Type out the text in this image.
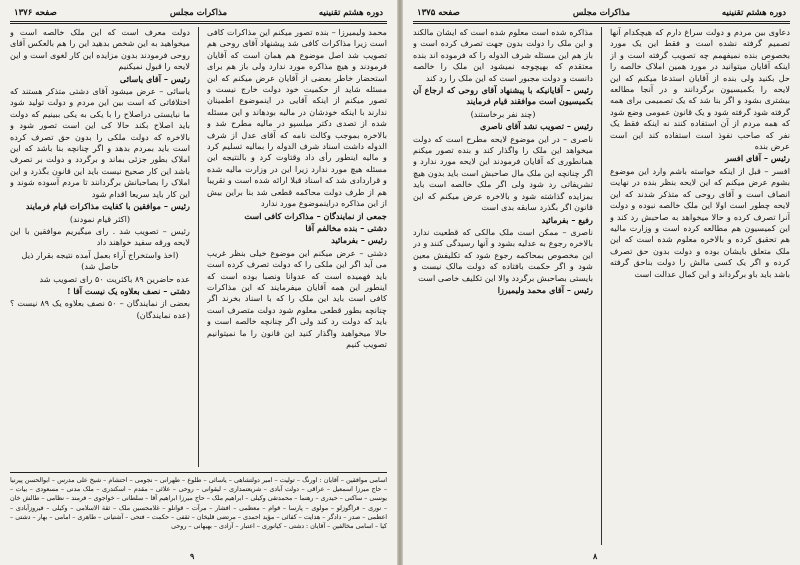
دوره هشتم تقنینیه
مذاکرات مجلس
صفحه ۱۳۷۶

محمد ولیمیرزا – بنده تصور میکنم این مذاکرات کافی است زیرا مذاکرات کافی شد پیشنهاد آقای روحی هم تصویب شد اصل موضوع هم همان است که آقایان فرمودند و هیچ مذاکره مورد ندارد ولی باز هم برای استحضار خاطر بعضی از آقایان عرض میکنم که این مسئله شاید از حکمیت خود دولت خارج نیست و تصور میکنم از اینکه آقایی در اینموضوع اطمینان ندارند با اینکه خودشان در مالیه بودهاند و این مسئله شده از تصدی دکتر میلسپو در مالیه مطرح شد و بالاخره بموجب وکالت نامه که آقای عدل از شرف الدوله داشت اسناد شرف الدوله را بمالیه تسلیم کرد و مالیه اینطور رأی داد وقتاوت کرد و بالنتیجه این مسئله هیچ مورد ندارد زیرا این در وزارت مالیه شده و قراردادی شد که اسناد قبلا ارائه شده است و تقریبا هم از طرف دولت محاکمه قطعی شد بنا براین بیش از این مذاکره دراینموضوع مورد ندارد

جمعی از نمایندگان – مذاکرات کافی است

دشتی – بنده مخالفم آقا

رئیس – بفرمائید

دشتی – عرض میکنم این موضوع خیلی بنظر غریب می آید اگر این ملکی را که دولت تصرف کرده است باید فهمیده است که عدوانا ونصبا بوده است که اینطور این همه آقایان میفرمایند که این مذاکرات کافی است باید این ملک را که با اسناد بخرند اگر چنانچه بطور قطعی معلوم شود دولت متصرف است باید که دولت رد کند ولی اگر چنانچه خالصه است و حالا میخواهید واگذار کنید این قانون را ما نمیتوانیم تصویب کنیم

دولت معرف است که این ملک خالصه است و میخواهید به این شخص بدهید این را هم بالعکس آقای روحی فرمودند بدون مزایده این کار لغوی است و این لایحه را قبول نمیکنیم

رئیس – آقای یاسائی

یاسائی – عرض میشود آقای دشتی متذکر هستند که اختلافاتی که است بین این مردم و دولت تولید شود ما نبایستی دراصلاح را با یکی به یکی ببینیم که دولت باید اصلاح بکند حالا کی این است تصور شود و بالاخره که دولت ملکی را بدون حق تصرف کرده است باید بمردم بدهد و اگر چنانچه بنا باشد که این املاک بطور جزئی بماند و برگردد و دولت بر تصرف باشد این کار صحیح نیست باید این قانون بگذرد و این املاک را بصاحبانش برگردانند تا مردم آسوده شوند و این کار باید سریعا اقدام شود

رئیس – موافقین با کفایت مذاکرات قیام فرمایند

(اکثر قیام نمودند)

رئیس – تصویب شد . رای میگیریم موافقین با این لایحه ورقه سفید خواهند داد

(اخذ واستخراج آراء بعمل آمده نتیجه بقرار ذیل حاصل شد)

عده حاضرین ۸۹ باکثریت ۵۰ رای تصویب شد

دشتی – نصف بعلاوه یک نیست آقا !

بعضی از نمایندگان – ۵۰ نصف بعلاوه یک ۸۹ نیست ؟ (عده نمایندگان)

اسامی موافقین – آقایان : اورنگ – تولیت – امیر دولتشاهی – یاسائی – طلوع – طهرانی – نجومی – احتشام – شیخ علی مدرس – ابوالحسن پیرنیا – حاج میرزا اسمعیل – عراقی – دولت آبادی – شریعتمداری – لیقوانی – روحی – علائی – مقدم – اسکندری – ملک مدنی – مسعودی – بیات – یونسی – ساکنی – حیدری – رهنما – محمدتقی وکیلی – ابراهیم ملک – حاج میرزا ابراهیم آقا – سلطانی – خواجوی – فرمند – نظامی – طالش خان – نوری – قراگوزلو – مولوی – پارسا – قوام – معظمی – افشار – مرآت – قوانلو – غلامحسین ملک – ثقة الاسلامی – وکیلی – فیروزآبادی – اعظمی – صدر – دادگر – هدایت – کفائی – مؤید احمدی – مرتضی قلیخان – ثقفی – حکمت – فتحی – آشتیانی – طاهری – امامی – بهار – دشتی – کیا – اسامی مخالفین – آقایان : دشتی – کیانوری – اعتبار – آزادی – بهبهانی – روحی
۹
دوره هشتم تقنینیه
مذاکرات مجلس
صفحه ۱۳۷۵

دعاوی بین مردم و دولت سراغ دارم که هیچکدام آنها تصمیم گرفته نشده است و فقط این یک مورد بخصوص بنده نمیفهمم چه تصویب گرفته است و از اینکه آقایان میتوانید در مورد همین املاک خالصه را حل بکنید ولی بنده از آقایان استدعا میکنم که این لایحه را بکمیسیون برگردانند و در آنجا مطالعه بیشتری بشود و اگر بنا شد که یک تصمیمی برای همه گرفته شود گرفته شود و یک قانون عمومی وضع شود که همه مردم از آن استفاده کنند نه اینکه فقط یک نفر که صاحب نفوذ است استفاده کند این است عرض بنده

رئیس – آقای افسر

افسر – قبل از اینکه خواسته باشم وارد این موضوع بشوم عرض میکنم که این لایحه بنظر بنده در نهایت انصاف است و آقای روحی که متذکر شدند که این لایحه چطور است اولا این ملک خالصه نبوده و دولت آنرا تصرف کرده و حالا میخواهد به صاحبش رد کند و این کمیسیون هم مطالعه کرده است و وزارت مالیه هم تحقیق کرده و بالاخره معلوم شده است که این ملک متعلق بایشان بوده و دولت بدون حق تصرف کرده و اگر یک کسی مالش را دولت بناحق گرفته باشد باید باو برگرداند و این کمال عدالت است

مذاکره شده است معلوم شده است که ایشان مالکند و این ملک را دولت بدون جهت تصرف کرده است و باز هم این مسئله شرف الدوله را که فرموده اند بنده معتقدم که بهیچوجه نمیشود این ملک را خالصه دانست و دولت مجبور است که این ملک را رد کند

رئیس – آقایانیکه با پیشنهاد آقای روحی که ارجاع آن بکمیسیون است موافقند قیام فرمایند

(چند نفر برخاستند)

رئیس – تصویب نشد آقای ناصری

ناصری – در این موضوع لایحه مطرح است که دولت میخواهد این ملک را واگذار کند و بنده تصور میکنم همانطوری که آقایان فرمودند این لایحه مورد ندارد و اگر چنانچه این ملک مال صاحبش است باید بدون هیچ تشریفاتی رد شود ولی اگر ملک خالصه است باید بمزایده گذاشته شود و بالاخره عرض میکنم که این قانون اگر بگذرد سابقه بدی است

رفیع – بفرمائید

ناصری – ممکن است ملک مالکی که قطعیت ندارد بالاخره رجوع به عدلیه بشود و آنها رسیدگی کنند و در این مخصوص بمحاکمه رجوع شود که تکلیفش معین شود و اگر حکمت بافتاده که دولت مالک نیست و بایستی بصاحبش برگردد والا این تکلیف خاصی است

رئیس – آقای محمد ولیمیرزا

۸
